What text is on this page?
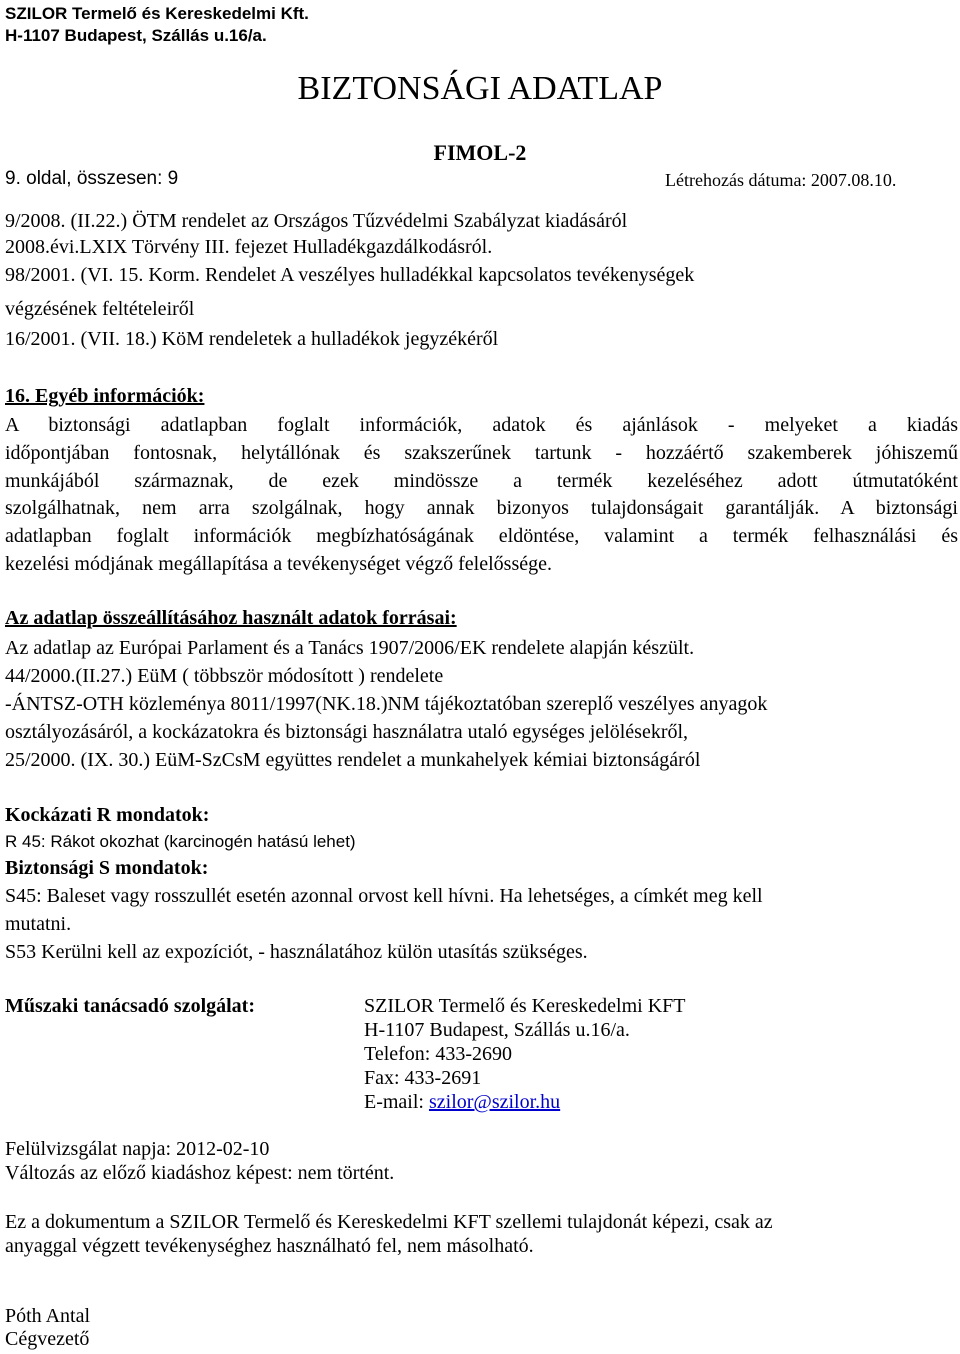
SZILOR Termelő és Kereskedelmi Kft.
H-1107 Budapest, Szállás u.16/a.
BIZTONSÁGI ADATLAP
FIMOL-2
9. oldal, összesen: 9	Létrehozás dátuma: 2007.08.10.
9/2008. (II.22.) ÖTM rendelet az Országos Tűzvédelmi Szabályzat kiadásáról
2008.évi.LXIX Törvény III. fejezet Hulladékgazdálkodásról.
98/2001. (VI. 15. Korm. Rendelet A veszélyes hulladékkal kapcsolatos tevékenységek
végzésének feltételeiről
16/2001. (VII. 18.) KöM rendeletek a hulladékok jegyzékéről
16. Egyéb információk:
A biztonsági adatlapban foglalt információk, adatok és ajánlások - melyeket a kiadás
időpontjában fontosnak, helytállónak és szakszerűnek tartunk - hozzáértő szakemberek jóhiszemű
munkájából származnak, de ezek mindössze a termék kezeléséhez adott útmutatóként
szolgálhatnak, nem arra szolgálnak, hogy annak bizonyos tulajdonságait garantálják. A biztonsági
adatlapban foglalt információk megbízhatóságának eldöntése, valamint a termék felhasználási és
kezelési módjának megállapítása a tevékenységet végző felelőssége.
Az adatlap összeállításához használt adatok forrásai:
Az adatlap az Európai Parlament és a Tanács 1907/2006/EK rendelete alapján készült.
44/2000.(II.27.) EüM ( többször módosított ) rendelete
-ÁNTSZ-OTH közleménya 8011/1997(NK.18.)NM tájékoztatóban szereplő veszélyes anyagok
osztályozásáról, a kockázatokra és biztonsági használatra utaló egységes jelölésekről,
25/2000. (IX. 30.) EüM-SzCsM együttes rendelet a munkahelyek kémiai biztonságáról
Kockázati R mondatok:
R 45: Rákot okozhat (karcinogén hatású lehet)
Biztonsági S mondatok:
S45: Baleset vagy rosszullét esetén azonnal orvost kell hívni. Ha lehetséges, a címkét meg kell
mutatni.
S53 Kerülni kell az expozíciót, - használatához külön utasítás szükséges.
Műszaki tanácsadó szolgálat:	SZILOR Termelő és Kereskedelmi KFT
H-1107 Budapest, Szállás u.16/a.
Telefon: 433-2690
Fax: 433-2691
E-mail: szilor@szilor.hu
Felülvizsgálat napja: 2012-02-10
Változás az előző kiadáshoz képest: nem történt.
Ez a dokumentum a SZILOR Termelő és Kereskedelmi KFT szellemi tulajdonát képezi, csak az
anyaggal végzett tevékenységhez használható fel, nem másolható.
Póth Antal
Cégvezető
